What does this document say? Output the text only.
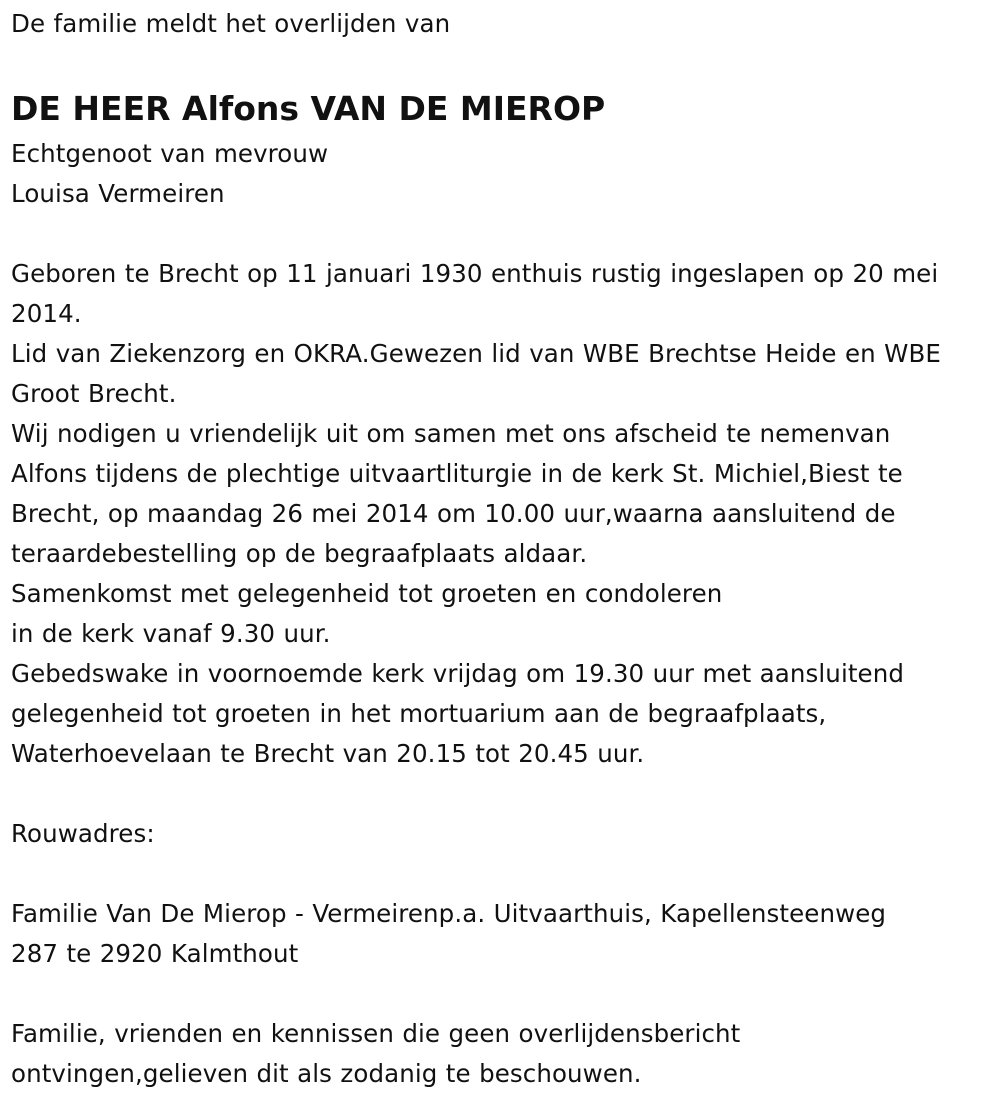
De familie meldt het overlijden van
DE HEER Alfons VAN DE MIEROP
Echtgenoot van mevrouw
Louisa Vermeiren
Geboren te Brecht op 11 januari 1930 enthuis rustig ingeslapen op 20 mei
2014.
Lid van Ziekenzorg en OKRA.Gewezen lid van WBE Brechtse Heide en WBE
Groot Brecht.
Wij nodigen u vriendelijk uit om samen met ons afscheid te nemenvan
Alfons tijdens de plechtige uitvaartliturgie in de kerk St. Michiel,Biest te
Brecht, op maandag 26 mei 2014 om 10.00 uur,waarna aansluitend de
teraardebestelling op de begraafplaats aldaar.
Samenkomst met gelegenheid tot groeten en condoleren
in de kerk vanaf 9.30 uur.
Gebedswake in voornoemde kerk vrijdag om 19.30 uur met aansluitend
gelegenheid tot groeten in het mortuarium aan de begraafplaats,
Waterhoevelaan te Brecht van 20.15 tot 20.45 uur.
Rouwadres:
Familie Van De Mierop - Vermeirenp.a. Uitvaarthuis, Kapellensteenweg
287 te 2920 Kalmthout
Familie, vrienden en kennissen die geen overlijdensbericht
ontvingen,gelieven dit als zodanig te beschouwen.
